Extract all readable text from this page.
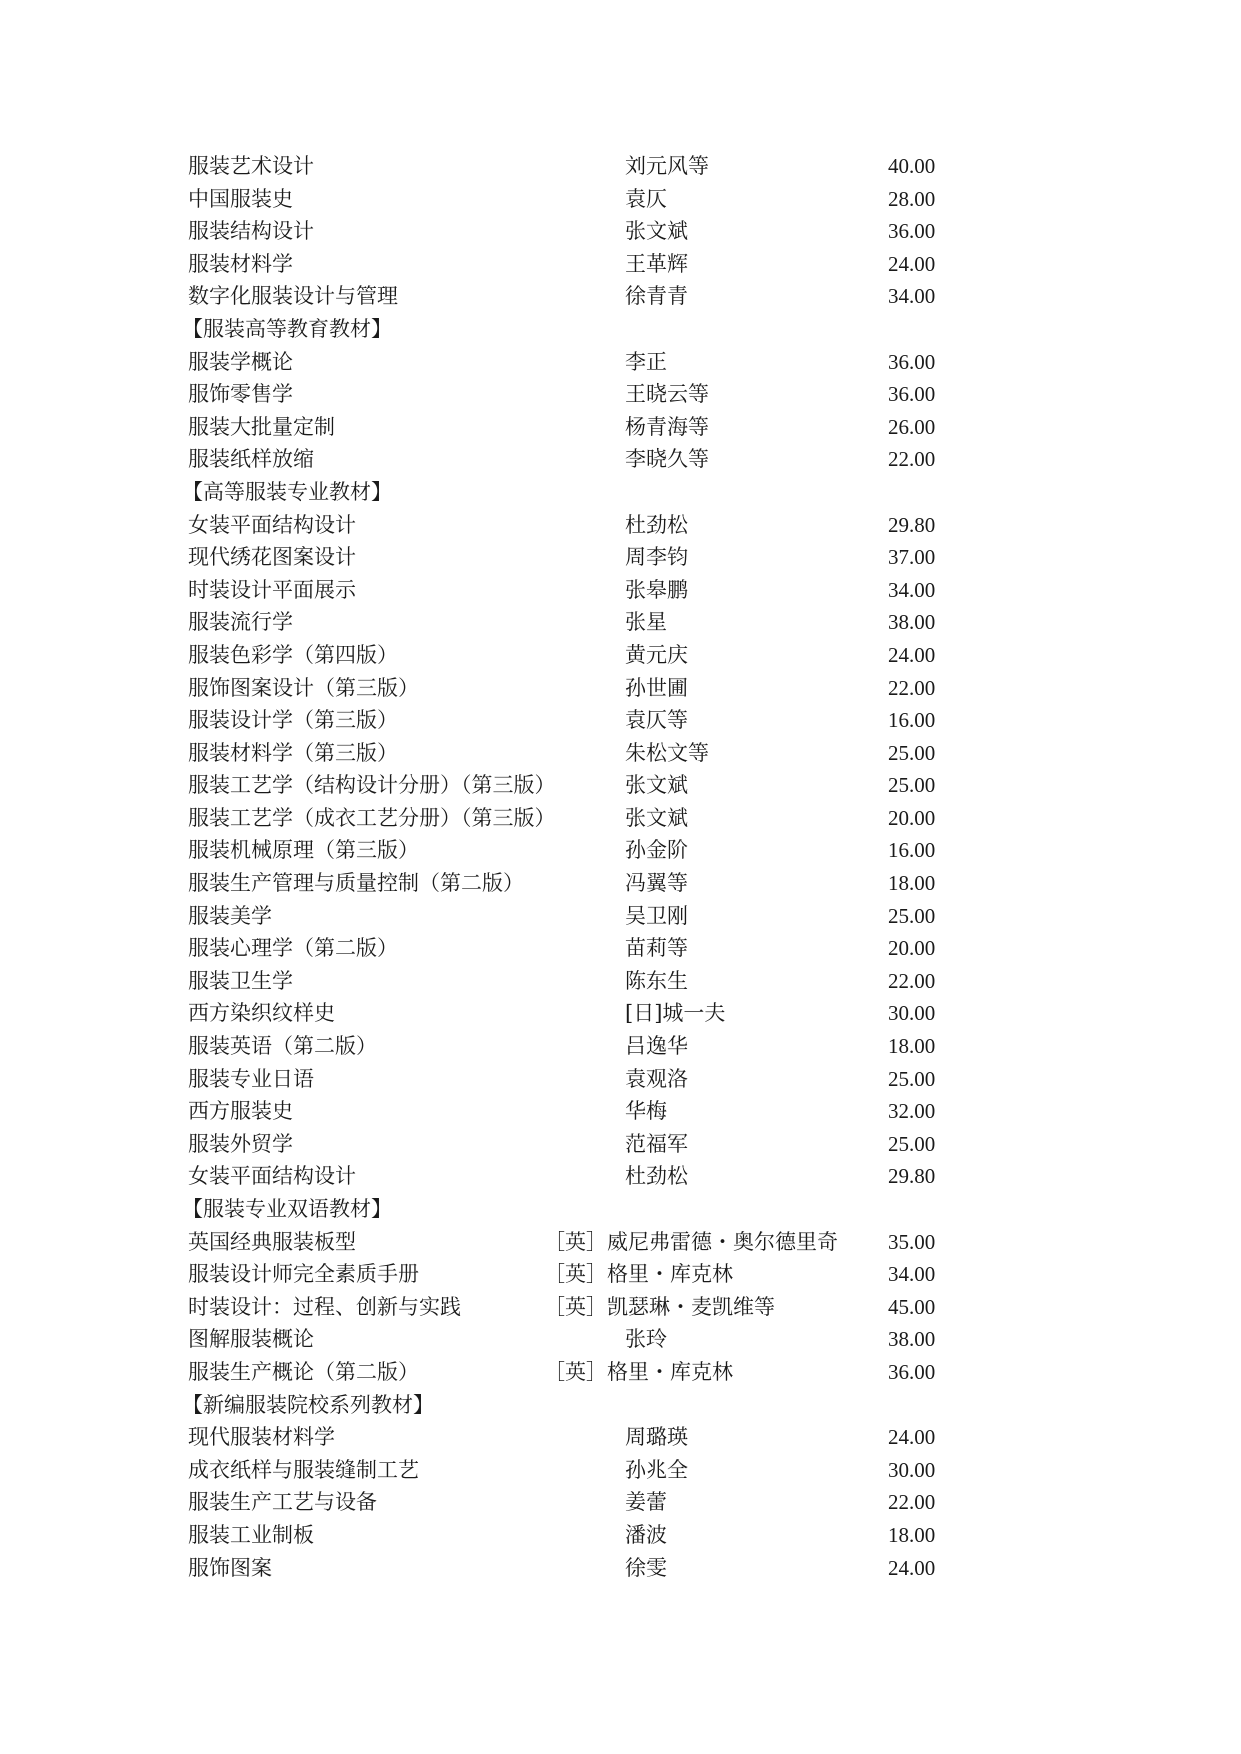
服装艺术设计	刘元风等	40.00
中国服装史	袁仄	28.00
服装结构设计	张文斌	36.00
服装材料学	王革辉	24.00
数字化服装设计与管理	徐青青	34.00
【服装高等教育教材】
服装学概论	李正	36.00
服饰零售学	王晓云等	36.00
服装大批量定制	杨青海等	26.00
服装纸样放缩	李晓久等	22.00
【高等服装专业教材】
女装平面结构设计	杜劲松	29.80
现代绣花图案设计	周李钧	37.00
时装设计平面展示	张皋鹏	34.00
服装流行学	张星	38.00
服装色彩学（第四版）	黄元庆	24.00
服饰图案设计（第三版）	孙世圃	22.00
服装设计学（第三版）	袁仄等	16.00
服装材料学（第三版）	朱松文等	25.00
服装工艺学（结构设计分册）（第三版）	张文斌	25.00
服装工艺学（成衣工艺分册）（第三版）	张文斌	20.00
服装机械原理（第三版）	孙金阶	16.00
服装生产管理与质量控制（第二版）	冯翼等	18.00
服装美学	吴卫刚	25.00
服装心理学（第二版）	苗莉等	20.00
服装卫生学	陈东生	22.00
西方染织纹样史	[日]城一夫	30.00
服装英语（第二版）	吕逸华	18.00
服装专业日语	袁观洛	25.00
西方服装史	华梅	32.00
服装外贸学	范福军	25.00
女装平面结构设计	杜劲松	29.80
【服装专业双语教材】
英国经典服装板型	［英］威尼弗雷德・奥尔德里奇 35.00
服装设计师完全素质手册	［英］格里・库克林	34.00
时装设计：过程、创新与实践	［英］凯瑟琳・麦凯维等	45.00
图解服装概论	张玲	38.00
服装生产概论（第二版）	［英］格里・库克林	36.00
【新编服装院校系列教材】
现代服装材料学	周璐瑛	24.00
成衣纸样与服装缝制工艺	孙兆全	30.00
服装生产工艺与设备	姜蕾	22.00
服装工业制板	潘波	18.00
服饰图案	徐雯	24.00
